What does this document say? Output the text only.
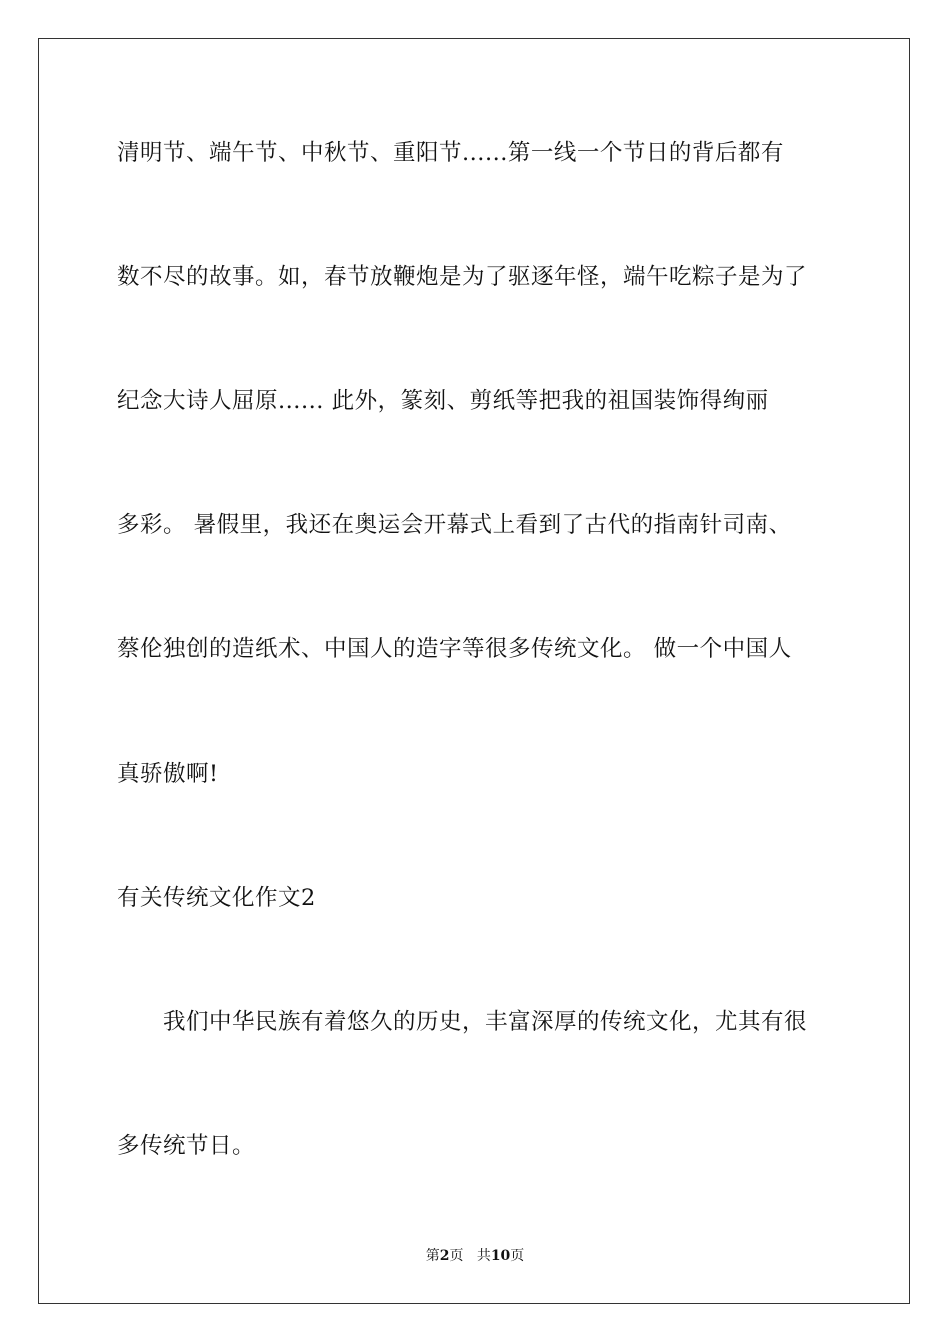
清明节、端午节、中秋节、重阳节......第一线一个节日的背后都有
数不尽的故事。如，春节放鞭炮是为了驱逐年怪，端午吃粽子是为了
纪念大诗人屈原...... 此外，篆刻、剪纸等把我的祖国装饰得绚丽
多彩。 暑假里，我还在奥运会开幕式上看到了古代的指南针司南、
蔡伦独创的造纸术、中国人的造字等很多传统文化。 做一个中国人
真骄傲啊!
有关传统文化作文2
我们中华民族有着悠久的历史，丰富深厚的传统文化，尤其有很
多传统节日。
第2页 共10页
